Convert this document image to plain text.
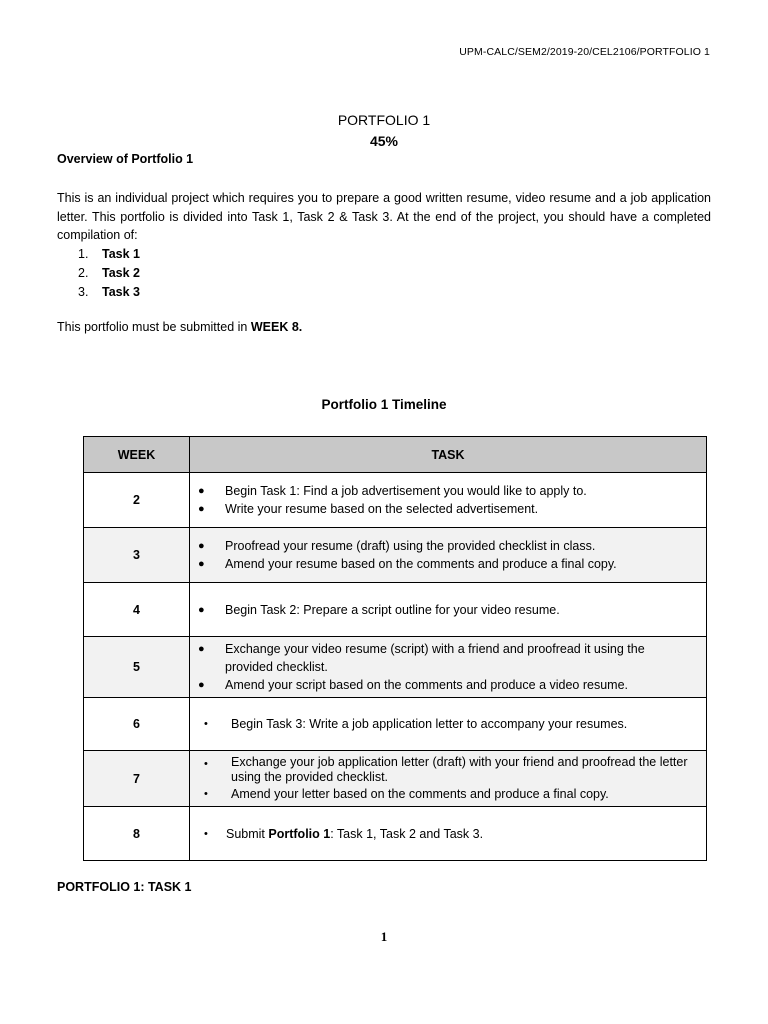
UPM-CALC/SEM2/2019-20/CEL2106/PORTFOLIO 1
PORTFOLIO 1
45%
Overview of Portfolio 1
This is an individual project which requires you to prepare a good written resume, video resume and a job application letter. This portfolio is divided into Task 1, Task 2 & Task 3. At the end of the project, you should have a completed compilation of:
1.	Task 1
2.	Task 2
3.	Task 3
This portfolio must be submitted in WEEK 8.
Portfolio 1 Timeline
WEEK	TASK
2	● Begin Task 1: Find a job advertisement you would like to apply to.
● Write your resume based on the selected advertisement.

3	● Proofread your resume (draft) using the provided checklist in class.
● Amend your resume based on the comments and produce a final copy.

4	● Begin Task 2: Prepare a script outline for your video resume.

5	● Exchange your video resume (script) with a friend and proofread it using the provided checklist.
● Amend your script based on the comments and produce a video resume.

6	• Begin Task 3: Write a job application letter to accompany your resumes.

7	• Exchange your job application letter (draft) with your friend and proofread the letter using the provided checklist.
• Amend your letter based on the comments and produce a final copy.

8	• Submit Portfolio 1: Task 1, Task 2 and Task 3.
PORTFOLIO 1: TASK 1
1
